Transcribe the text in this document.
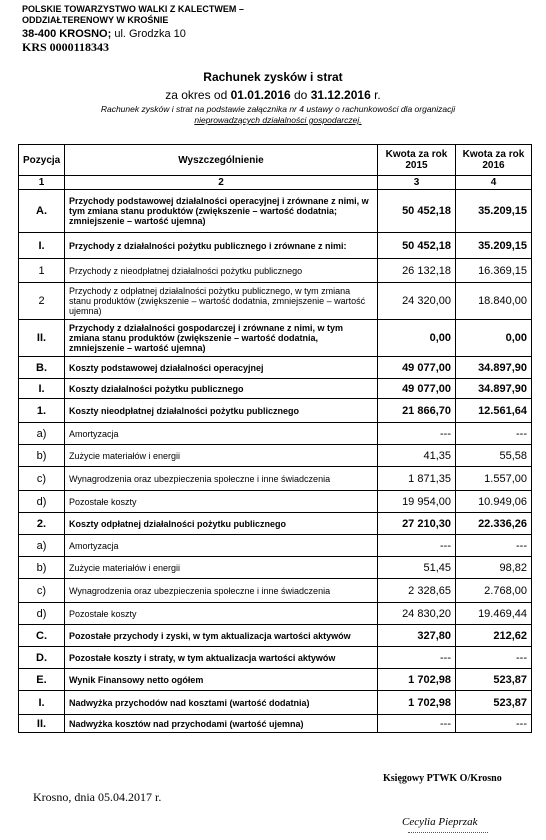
POLSKIE TOWARZYSTWO WALKI Z KALECTWEM –
ODDZIAŁTERENOWY W KROŚNIE
38-400 KROSNO; ul. Grodzka 10
KRS 0000118343
Rachunek zysków i strat
za okres od 01.01.2016 do 31.12.2016 r.
Rachunek zysków i strat na podstawie załącznika nr 4 ustawy o rachunkowości dla organizacji
nieprowadzących działalności gospodarczej.
Pozycja	Wyszczególnienie	Kwota za rok 2015	Kwota za rok 2016
1	2	3	4
A.	Przychody podstawowej działalności operacyjnej i zrównane z nimi, w tym zmiana stanu produktów (zwiększenie – wartość dodatnia; zmniejszenie – wartość ujemna)	50 452,18	35.209,15
I.	Przychody z działalności pożytku publicznego i zrównane z nimi:	50 452,18	35.209,15
1	Przychody z nieodpłatnej działalności pożytku publicznego	26 132,18	16.369,15
2	Przychody z odpłatnej działalności pożytku publicznego, w tym zmiana stanu produktów (zwiększenie – wartość dodatnia, zmniejszenie – wartość ujemna)	24 320,00	18.840,00
II.	Przychody z działalności gospodarczej i zrównane z nimi, w tym zmiana stanu produktów (zwiększenie – wartość dodatnia, zmniejszenie – wartość ujemna)	0,00	0,00
B.	Koszty podstawowej działalności operacyjnej	49 077,00	34.897,90
I.	Koszty działalności pożytku publicznego	49 077,00	34.897,90
1.	Koszty nieodpłatnej działalności pożytku publicznego	21 866,70	12.561,64
a)	Amortyzacja	---	---
b)	Zużycie materiałów i energii	41,35	55,58
c)	Wynagrodzenia oraz ubezpieczenia społeczne i inne świadczenia	1 871,35	1.557,00
d)	Pozostałe koszty	19 954,00	10.949,06
2.	Koszty odpłatnej działalności pożytku publicznego	27 210,30	22.336,26
a)	Amortyzacja	---	---
b)	Zużycie materiałów i energii	51,45	98,82
c)	Wynagrodzenia oraz ubezpieczenia społeczne i inne świadczenia	2 328,65	2.768,00
d)	Pozostałe koszty	24 830,20	19.469,44
C.	Pozostałe przychody i zyski, w tym aktualizacja wartości aktywów	327,80	212,62
D.	Pozostałe koszty i straty, w tym aktualizacja wartości aktywów	---	---
E.	Wynik Finansowy netto ogółem	1 702,98	523,87
I.	Nadwyżka przychodów nad kosztami (wartość dodatnia)	1 702,98	523,87
II.	Nadwyżka kosztów nad przychodami (wartość ujemna)	---	---
Księgowy PTWK O/Krosno
Krosno, dnia 05.04.2017 r.
Cecylia Pieprzak
